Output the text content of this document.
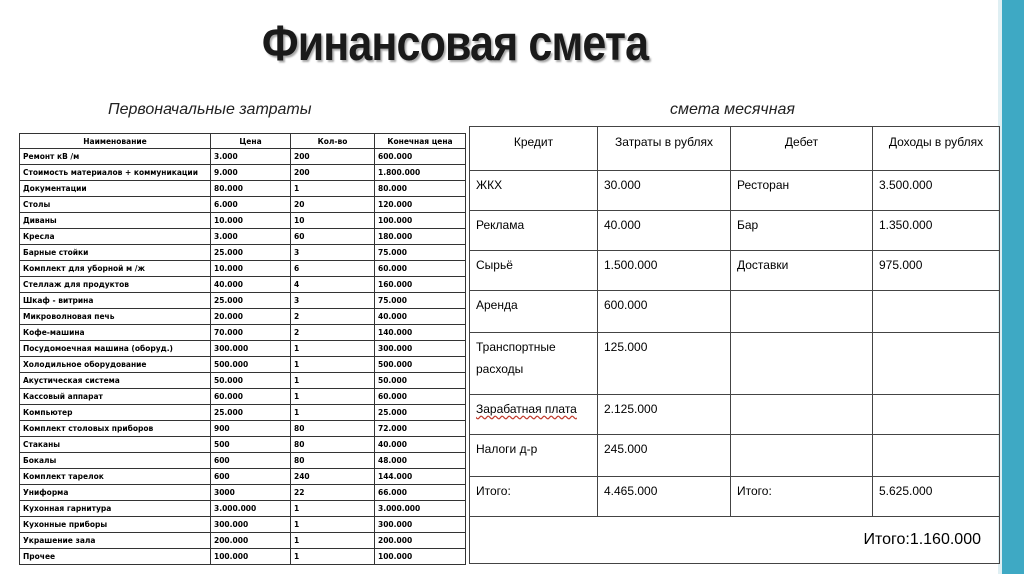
Финансовая смета
Первоначальные затраты	смета месячная
Наименование	Цена	Кол-во	Конечная цена
Ремонт кВ /м	3.000	200	600.000
Стоимость материалов + коммуникации	9.000	200	1.800.000
Документации	80.000	1	80.000
Столы	6.000	20	120.000
Диваны	10.000	10	100.000
Кресла	3.000	60	180.000
Барные стойки	25.000	3	75.000
Комплект для уборной м /ж	10.000	6	60.000
Стеллаж для продуктов	40.000	4	160.000
Шкаф - витрина	25.000	3	75.000
Микроволновая печь	20.000	2	40.000
Кофе-машина	70.000	2	140.000
Посудомоечная машина (оборуд.)	300.000	1	300.000
Холодильное оборудование	500.000	1	500.000
Акустическая система	50.000	1	50.000
Кассовый аппарат	60.000	1	60.000
Компьютер	25.000	1	25.000
Комплект столовых приборов	900	80	72.000
Стаканы	500	80	40.000
Бокалы	600	80	48.000
Комплект тарелок	600	240	144.000
Униформа	3000	22	66.000
Кухонная гарнитура	3.000.000	1	3.000.000
Кухонные приборы	300.000	1	300.000
Украшение зала	200.000	1	200.000
Прочее	100.000	1	100.000
Кредит	Затраты в рублях	Дебет	Доходы в рублях
ЖКХ	30.000	Ресторан	3.500.000
Реклама	40.000	Бар	1.350.000
Сырьё	1.500.000	Доставки	975.000
Аренда	600.000		
Транспортные расходы	125.000		
Зарабатная плата	2.125.000		
Налоги д-р	245.000		
Итого:	4.465.000	Итого:	5.625.000
Итого:1.160.000			
